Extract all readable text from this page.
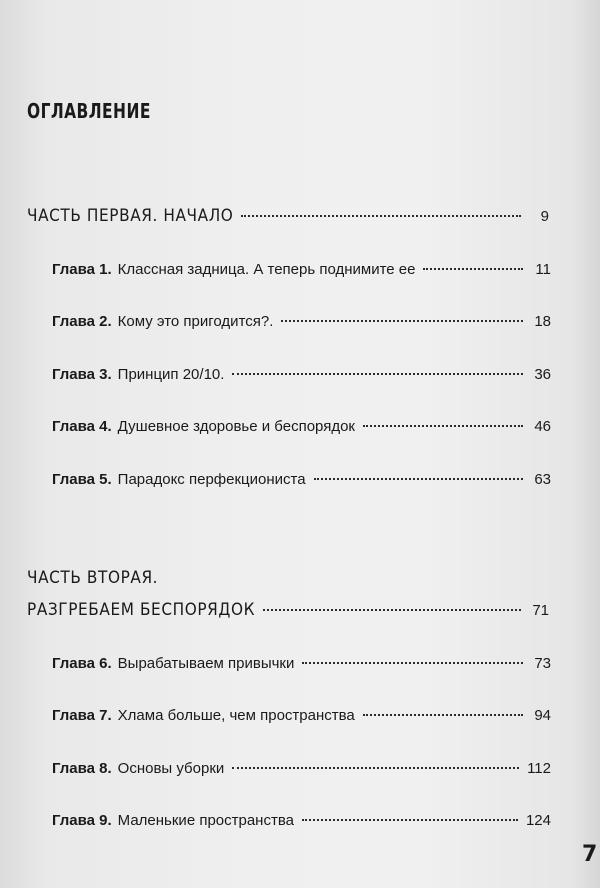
ОГЛАВЛЕНИЕ
ЧАСТЬ ПЕРВАЯ. НАЧАЛО	9
Глава 1. Классная задница. А теперь поднимите ее	11
Глава 2. Кому это пригодится?.	18
Глава 3. Принцип 20/10.	36
Глава 4. Душевное здоровье и беспорядок	46
Глава 5. Парадокс перфекциониста	63
ЧАСТЬ ВТОРАЯ.
РАЗГРЕБАЕМ БЕСПОРЯДОК	71
Глава 6. Вырабатываем привычки	73
Глава 7. Хлама больше, чем пространства	94
Глава 8. Основы уборки	112
Глава 9. Маленькие пространства	124
7
